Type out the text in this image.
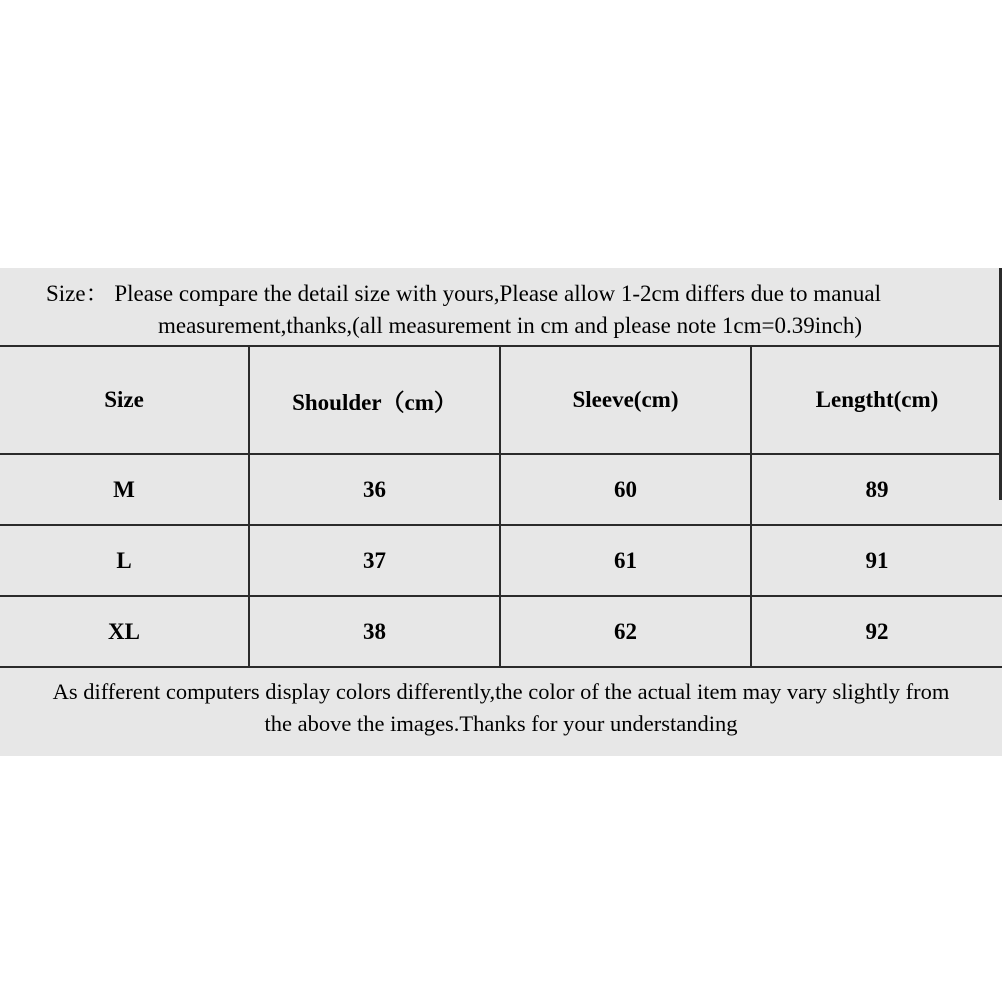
Size： Please compare the detail size with yours,Please allow 1-2cm differs due to manual
measurement,thanks,(all measurement in cm and please note 1cm=0.39inch)
Size	Shoulder（cm）	Sleeve(cm)	Lengtht(cm)
M	36	60	89
L	37	61	91
XL	38	62	92
As different computers display colors differently,the color of the actual item may vary slightly from
the above the images.Thanks for your understanding
